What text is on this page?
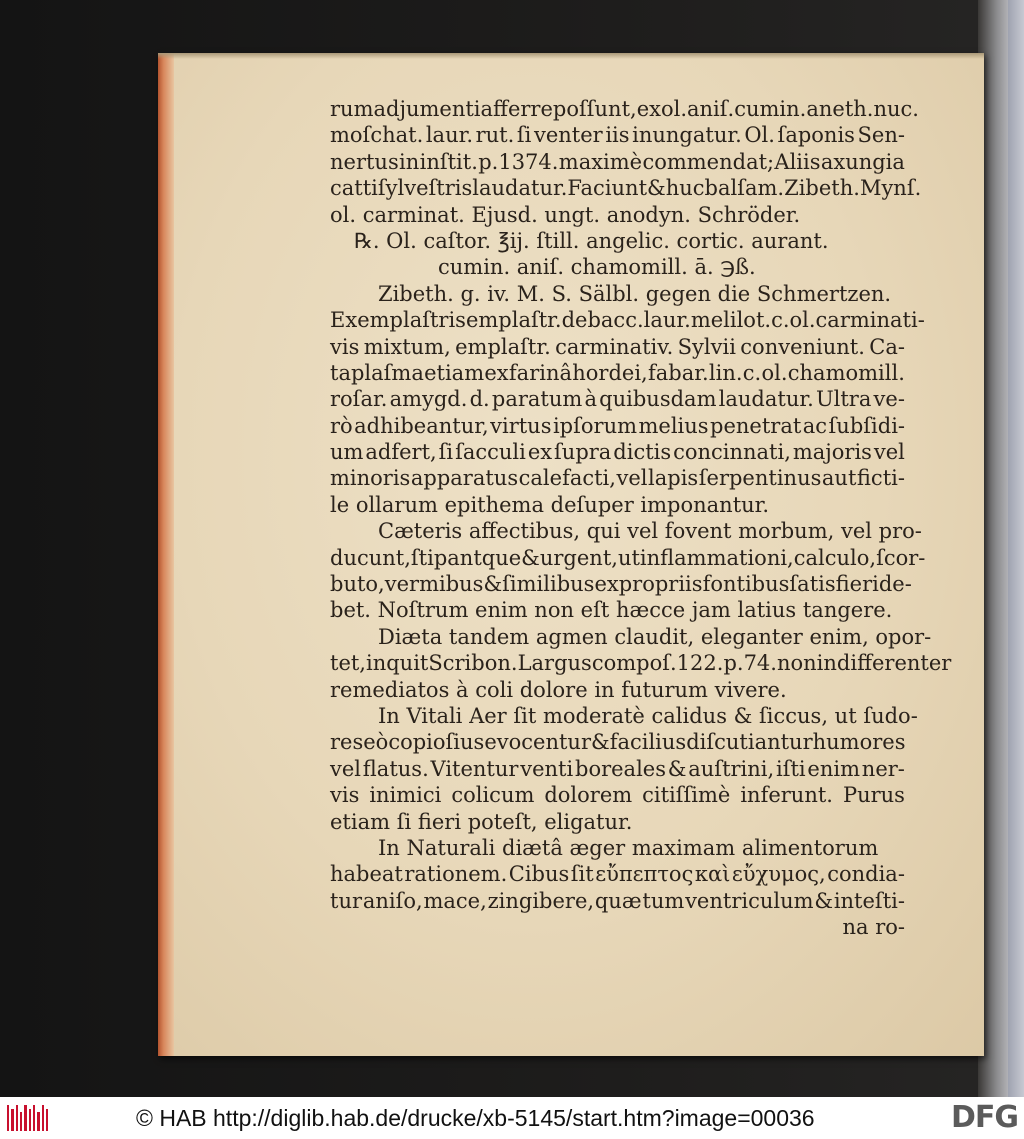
rum adjumenti afferre poſſunt, ex ol. aniſ. cumin. aneth.nuc.
moſchat. laur. rut. ſi venter iis inungatur. Ol. ſaponis Sen-
nertus in inſtit. p.1374. maximè commendat; Aliis axungia
catti ſylveſtris laudatur. Faciunt & huc balſam. Zibeth. Mynſ.
ol. carminat. Ejusd. ungt. anodyn. Schröder.
℞. Ol. caſtor. ℥ij. ſtill. angelic. cortic. aurant.
cumin. aniſ. chamomill. ā. ℈ß.
Zibeth. g. iv. M. S. Sälbl. gegen die Schmertzen.
Ex emplaſtris emplaſtr. de bacc. laur. melilot. c. ol. carminati-
vis mixtum, emplaſtr. carminativ. Sylvii conveniunt. Ca-
taplaſma etiam ex farinâ hordei, fabar. lin. c. ol. chamomill.
roſar. amygd. d. paratum à quibusdam laudatur. Ultra ve-
rò adhibeantur, virtus ipſorum melius penetrat ac ſubſidi-
um adfert, ſi ſacculi ex ſupra dictis concinnati, majoris vel
minoris apparatus calefacti, vel lapis ſerpentinus aut ficti-
le ollarum epithema deſuper imponantur.
Cæteris affectibus, qui vel fovent morbum, vel pro-
ducunt, ſtipantque & urgent, ut inflammationi, calculo, ſcor-
buto, vermibus & ſimilibus ex propriis fontibus ſatisfieri de-
bet. Noſtrum enim non eſt hæcce jam latius tangere.
Diæta tandem agmen claudit, eleganter enim, opor-
tet, inquit Scribon. Largus compoſ. 122. p. 74. non indifferenter
remediatos à coli dolore in futurum vivere.
In Vitali Aer ſit moderatè calidus & ſiccus, ut ſudo-
res eò copioſius evocentur & facilius diſcutiantur humores
vel flatus. Vitentur venti boreales & auſtrini, iſti enim ner-
vis inimici colicum dolorem citiſſimè inferunt. Purus
etiam ſi fieri poteſt, eligatur.
In Naturali diætâ æger maximam alimentorum
habeat rationem. Cibus ſit εὔπεπτος καὶ εὔχυμος, condia-
tur aniſo, mace, zingibere, quæ tum ventriculum & inteſti-
na ro-
© HAB http://diglib.hab.de/drucke/xb-5145/start.htm?image=00036	DFG
